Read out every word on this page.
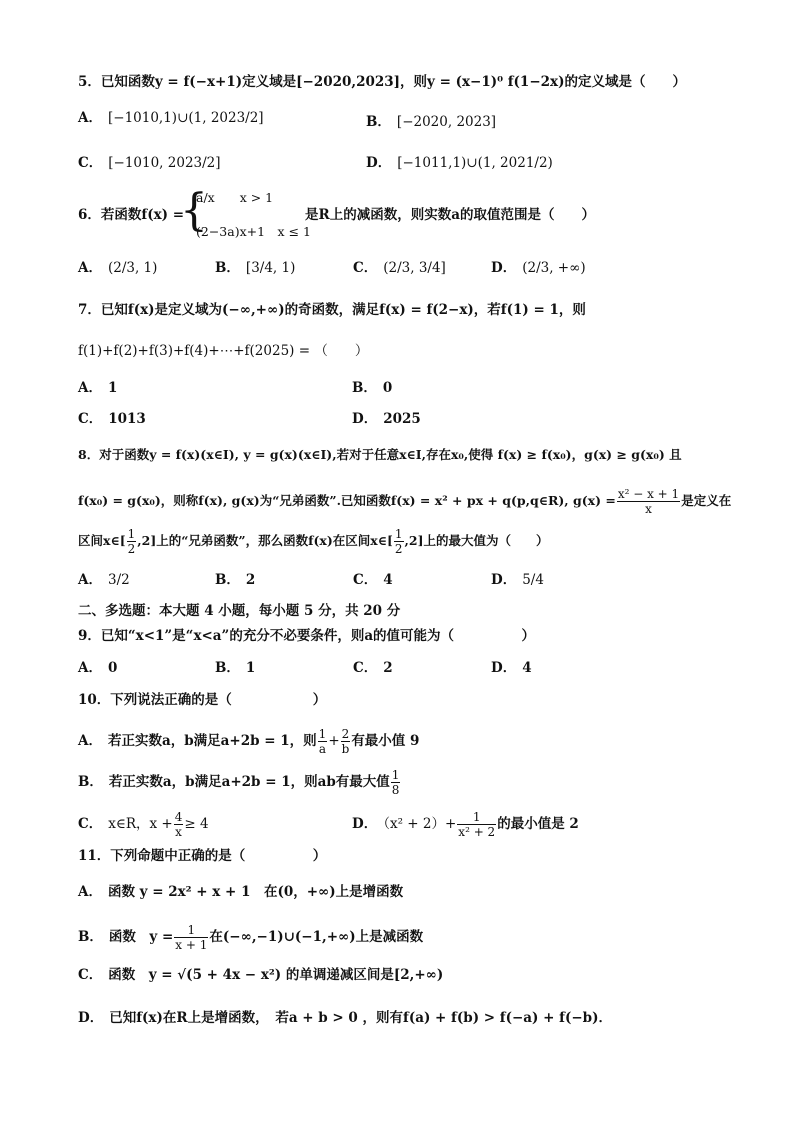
5．已知函数y = f(−x+1)定义域是[−2020,2023]，则y = (x−1)⁰ f(1−2x)的定义域是（　　）
A． [−1010,1)∪(1, 2023/2]	B． [−2020, 2023]
C． [−1010, 2023/2]	D． [−1011,1)∪(1, 2021/2)
6．若函数f(x) =
{
a/x　　x > 1
(2−3a)x+1　x ≤ 1
是R上的减函数，则实数a的取值范围是（　　）
A． (2/3, 1)	B． [3/4, 1)	C． (2/3, 3/4]	D． (2/3, +∞)
7．已知f(x)是定义域为(−∞,+∞)的奇函数，满足f(x) = f(2−x)，若f(1) = 1，则
f(1)+f(2)+f(3)+f(4)+⋯+f(2025) = （　　）
A． 1	B． 0
C． 1013	D． 2025
8．对于函数y = f(x)(x∈I), y = g(x)(x∈I),若对于任意x∈I,存在x₀,使得 f(x) ≥ f(x₀)，g(x) ≥ g(x₀) 且
f(x₀) = g(x₀)，则称f(x), g(x)为“兄弟函数”.已知函数f(x) = x² + px + q(p,q∈R), $g(x) = \frac{\text{x² − x + 1}}{x}$ 是定义在
区间x∈[ $\frac{1}{2} ,2$]上的“兄弟函数”，那么函数f(x)在区间x∈[ $\frac{1}{2} ,2$]上的最大值为（　　）
A． 3/2	B． 2	C． 4	D． 5/4
二、多选题：本大题 4 小题，每小题 5 分，共 20 分
9．已知“x<1”是“x<a”的充分不必要条件，则a的值可能为（　　　　　）
A． 0	B． 1	C． 2	D． 4
10．下列说法正确的是（　　　　　　）
A． 若正实数a，b满足a+2b = 1，则 $\frac{1}{a} + \frac{2}{b}$ 有最小值 9
B． 若正实数a，b满足a+2b = 1，则ab有最大值 $\frac{1}{8}$
C． x∈R，$x + \frac{4}{x} \ge 4$	D． $(x^2 + 2)+ \frac{1}{\text{x² + 2}}$ 的最小值是 2
11．下列命题中正确的是（　　　　　）
A． 函数 y = 2x² + x + 1　在(0，+∞)上是增函数
B． 函数　$y = \frac{1}{x + 1}$ 在(−∞,−1)∪(−1,+∞)上是减函数
C． 函数　y = √(5 + 4x − x²) 的单调递减区间是[2,+∞)
D． 已知f(x)在R上是增函数，　若a + b > 0 ，则有f(a) + f(b) > f(−a) + f(−b)．
